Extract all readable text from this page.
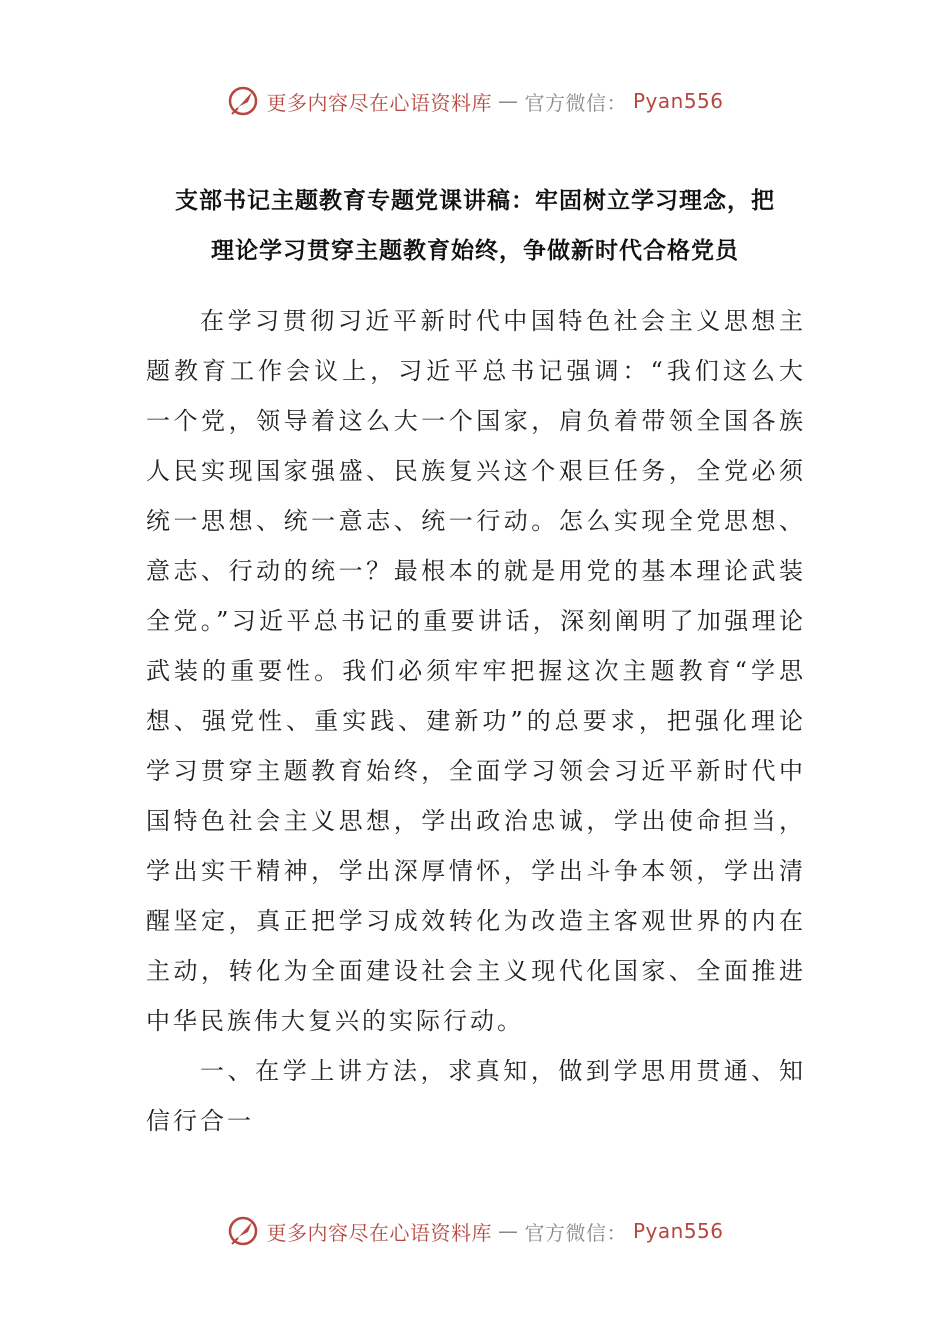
更多内容尽在心语资料库 — 官方微信： Pyan556
支部书记主题教育专题党课讲稿：牢固树立学习理念，把
理论学习贯穿主题教育始终，争做新时代合格党员

在学习贯彻习近平新时代中国特色社会主义思想主题教育工作会议上，习近平总书记强调：“我们这么大一个党，领导着这么大一个国家，肩负着带领全国各族人民实现国家强盛、民族复兴这个艰巨任务，全党必须统一思想、统一意志、统一行动。怎么实现全党思想、意志、行动的统一？最根本的就是用党的基本理论武装全党。”习近平总书记的重要讲话，深刻阐明了加强理论武装的重要性。我们必须牢牢把握这次主题教育“学思想、强党性、重实践、建新功”的总要求，把强化理论学习贯穿主题教育始终，全面学习领会习近平新时代中国特色社会主义思想，学出政治忠诚，学出使命担当，学出实干精神，学出深厚情怀，学出斗争本领，学出清醒坚定，真正把学习成效转化为改造主客观世界的内在主动，转化为全面建设社会主义现代化国家、全面推进中华民族伟大复兴的实际行动。

一、在学上讲方法，求真知，做到学思用贯通、知信行合一

更多内容尽在心语资料库 — 官方微信： Pyan556
